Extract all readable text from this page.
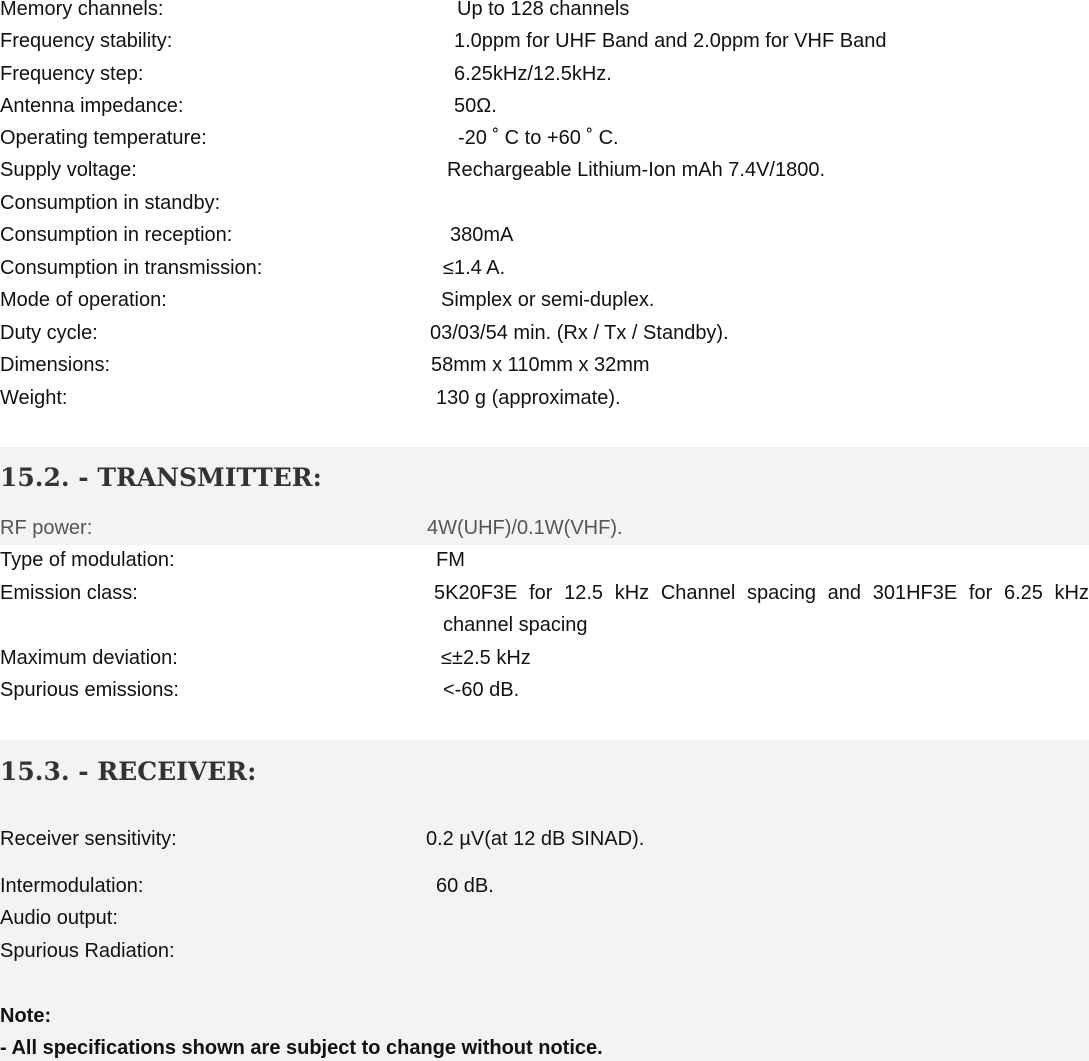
Memory channels:	Up to 128 channels
Frequency stability:	1.0ppm for UHF Band and 2.0ppm for VHF Band
Frequency step:	6.25kHz/12.5kHz.
Antenna impedance:	50Ω.
Operating temperature:	-20 ˚ C to +60 ˚ C.
Supply voltage:	Rechargeable Lithium-Ion mAh 7.4V/1800.
Consumption in standby:
Consumption in reception:	380mA
Consumption in transmission:	≤1.4 A.
Mode of operation:	Simplex or semi-duplex.
Duty cycle:	03/03/54 min. (Rx / Tx / Standby).
Dimensions:	58mm x 110mm x 32mm
Weight:	130 g (approximate).
15.2. - TRANSMITTER:
RF power:	4W(UHF)/0.1W(VHF).
Type of modulation:	FM
Emission class:	5K20F3E for 12.5 kHz Channel spacing and 301HF3E for 6.25 kHz
channel spacing
Maximum deviation:	≤±2.5 kHz
Spurious emissions:	<-60 dB.
15.3. - RECEIVER:
Receiver sensitivity:	0.2 µV(at 12 dB SINAD).
Intermodulation:	60 dB.
Audio output:
Spurious Radiation:
Note:
- All specifications shown are subject to change without notice.
